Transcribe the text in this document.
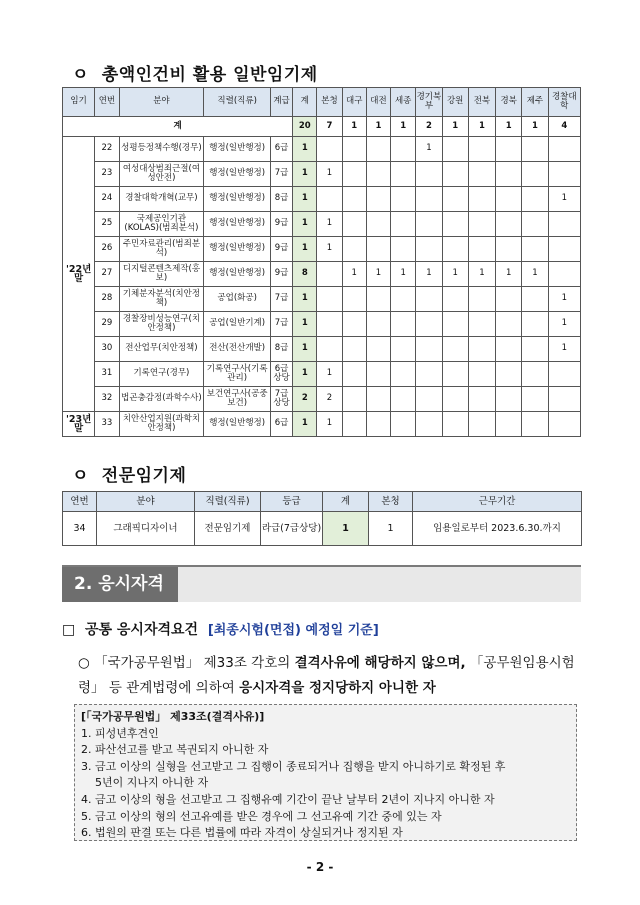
ㅇ 총액인건비 활용 일반임기제
임기	연번	분야	직렬(직류)	계급	계	본청	대구	대전	세종	경기북부	강원	전북	경북	제주	경찰대학
계					20	7	1	1	1	2	1	1	1	1	4
'22년말	22	성평등정책수행(경무)	행정(일반행정)	6급	1					1					
	23	여성대상범죄근절(여성안전)	행정(일반행정)	7급	1	1									
	24	경찰대학개혁(교무)	행정(일반행정)	8급	1										1
	25	국제공인기관(KOLAS)(범죄분석)	행정(일반행정)	9급	1	1									
	26	주민자료관리(범죄분석)	행정(일반행정)	9급	1	1									
	27	디지털콘텐츠제작(홍보)	행정(일반행정)	9급	8		1	1	1	1	1	1	1	1	
	28	기체분자분석(치안정책)	공업(화공)	7급	1										1
	29	경찰장비성능연구(치안정책)	공업(일반기계)	7급	1										1
	30	전산업무(치안정책)	전산(전산개발)	8급	1										1
	31	기록연구(경무)	기록연구사(기록관리)	6급상당	1	1									
	32	법곤충감정(과학수사)	보건연구사(공중보건)	7급상당	2	2									
'23년말	33	치안산업지원(과학치안정책)	행정(일반행정)	6급	1	1									
ㅇ 전문임기제
연번	분야	직렬(직류)	등급	계	본청	근무기간
34	그래픽디자이너	전문임기제	라급(7급상당)	1	1	임용일로부터 2023.6.30.까지
2. 응시자격
□ 공통 응시자격요건 [최종시험(면접) 예정일 기준]
○ 「국가공무원법」 제33조 각호의 결격사유에 해당하지 않으며, 「공무원임용시험령」 등 관계법령에 의하여 응시자격을 정지당하지 아니한 자
[「국가공무원법」 제33조(결격사유)]
1. 피성년후견인
2. 파산선고를 받고 복권되지 아니한 자
3. 금고 이상의 실형을 선고받고 그 집행이 종료되거나 집행을 받지 아니하기로 확정된 후
5년이 지나지 아니한 자
4. 금고 이상의 형을 선고받고 그 집행유예 기간이 끝난 날부터 2년이 지나지 아니한 자
5. 금고 이상의 형의 선고유예를 받은 경우에 그 선고유예 기간 중에 있는 자
6. 법원의 판결 또는 다른 법률에 따라 자격이 상실되거나 정지된 자
- 2 -
